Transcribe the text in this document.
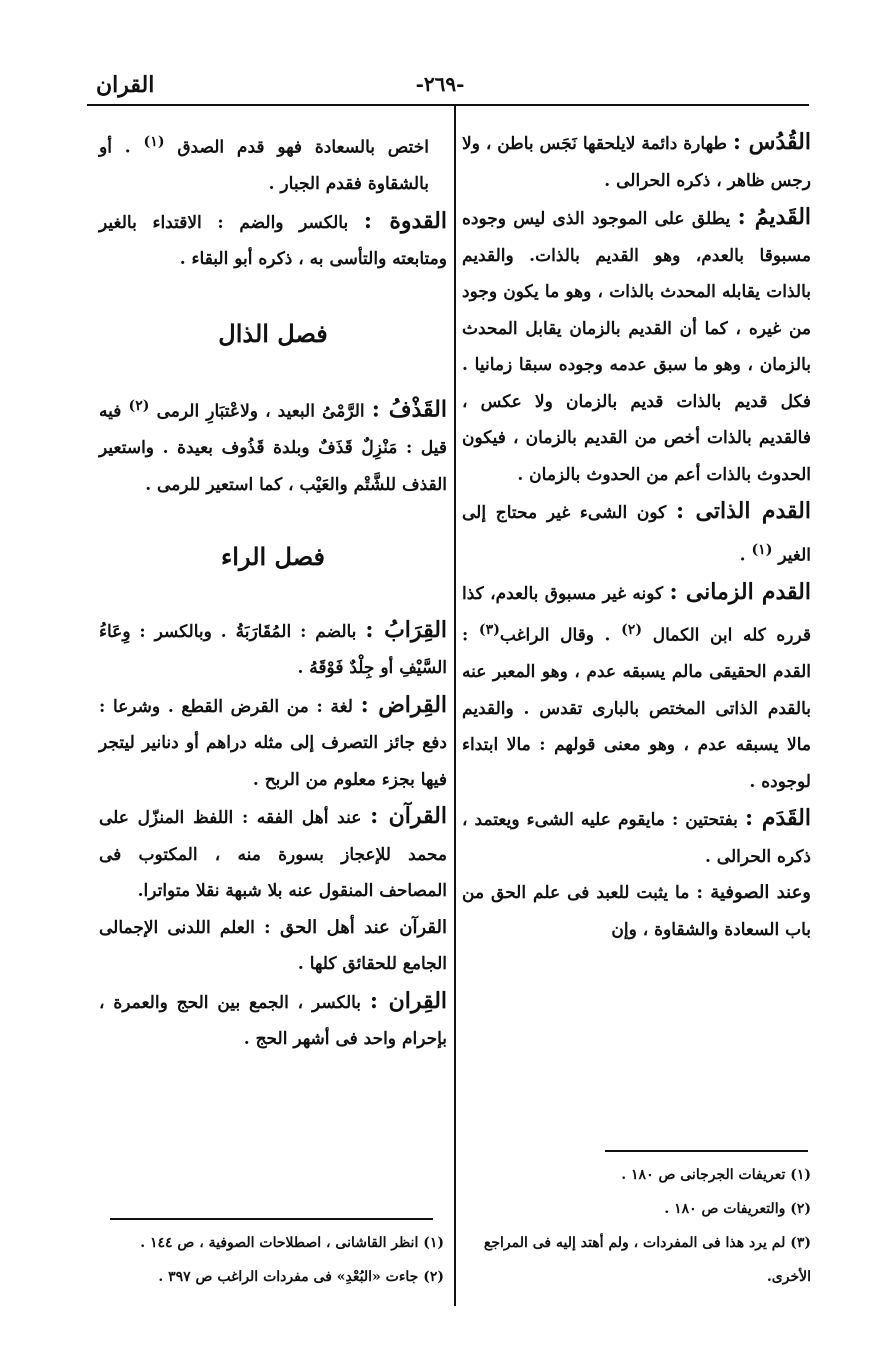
القران	-٢٦٩-

القُدُس : طهارة دائمة لايلحقها نَجَس باطن ، ولا رجس ظاهر ، ذكره الحرالى .

القَديمُ : يطلق على الموجود الذى ليس وجوده مسبوقا بالعدم، وهو القديم بالذات. والقديم بالذات يقابله المحدث بالذات ، وهو ما يكون وجود من غيره ، كما أن القديم بالزمان يقابل المحدث بالزمان ، وهو ما سبق عدمه وجوده سبقا زمانيا . فكل قديم بالذات قديم بالزمان ولا عكس ، فالقديم بالذات أخص من القديم بالزمان ، فيكون الحدوث بالذات أعم من الحدوث بالزمان .

القدم الذاتى : كون الشىء غير محتاج إلى الغير $^{(١)}$ .

القدم الزمانى : كونه غير مسبوق بالعدم، كذا قرره كله ابن الكمال $^{(٢)}$ . وقال الراغب$^{(٣)}$ : القدم الحقيقى مالم يسبقه عدم ، وهو المعبر عنه بالقدم الذاتى المختص بالبارى تقدس . والقديم مالا يسبقه عدم ، وهو معنى قولهم : مالا ابتداء لوجوده .

القَدَم : بفتحتين : مايقوم عليه الشىء ويعتمد ، ذكره الحرالى .

وعند الصوفية : ما يثبت للعبد فى علم الحق من باب السعادة والشقاوة ، وإن

(١) تعريفات الجرجانى ص ١٨٠ .

(٢) والتعريفات ص ١٨٠ .

(٣) لم يرد هذا فى المفردات ، ولم أهتد إليه فى المراجع الأخرى.

اختص بالسعادة فهو قدم الصدق $^{(١)}$ . أو بالشقاوة فقدم الجبار .

القدوة : بالكسر والضم : الاقتداء بالغير ومتابعته والتأسى به ، ذكره أبو البقاء .

فصل الذال

القَذْفُ : الرَّمْىُ البعيد ، ولاعْتبَارِ الرمى $^{(٢)}$ فيه قيل : مَنْزِلٌ قَذَفٌ وبلدة قَذُوف بعيدة . واستعير القذف للشَّتْم والعَيْب ، كما استعير للرمى .

فصل الراء

القِرَابُ : بالضم : المُقَارَبَةُ . وبالكسر : وِعَاءُ السَّيْفِ أو جِلْدٌ فَوْقَهُ .

القِراض : لغة : من القرض القطع . وشرعا : دفع جائز التصرف إلى مثله دراهم أو دنانير ليتجر فيها بجزء معلوم من الربح .

القرآن : عند أهل الفقه : اللفظ المنزّل على محمد للإعجاز بسورة منه ، المكتوب فى المصاحف المنقول عنه بلا شبهة نقلا متواترا.

القرآن عند أهل الحق : العلم اللدنى الإجمالى الجامع للحقائق كلها .

القِران : بالكسر ، الجمع بين الحج والعمرة ، بإحرام واحد فى أشهر الحج .

(١) انظر القاشانى ، اصطلاحات الصوفية ، ص ١٤٤ .

(٢) جاءت «البُعْدِ» فى مفردات الراغب ص ٣٩٧ .
